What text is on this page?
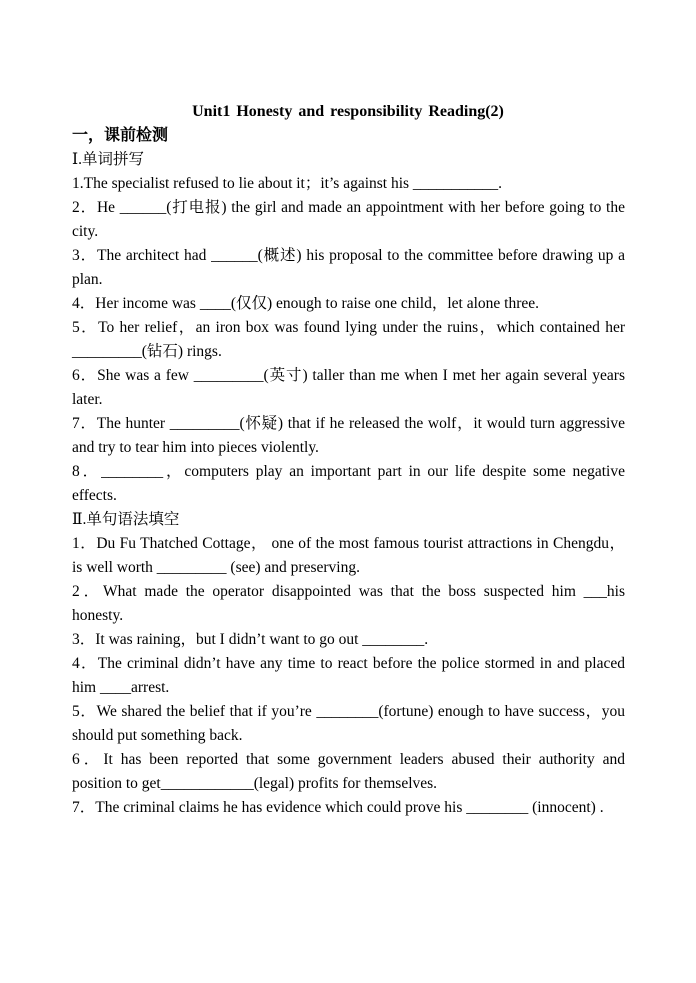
Unit1 Honesty and responsibility Reading(2)
一，课前检测
Ⅰ.单词拼写
1.The specialist refused to lie about it；it’s against his ___________.
2．He ______(打电报) the girl and made an appointment with her before going to the city.
3．The architect had ______(概述) his proposal to the committee before drawing up a plan.
4．Her income was ____(仅仅) enough to raise one child，let alone three.
5．To her relief，an iron box was found lying under the ruins，which contained her _________(钻石) rings.
6．She was a few _________(英寸) taller than me when I met her again several years later.
7．The hunter _________(怀疑) that if he released the wolf，it would turn aggressive and try to tear him into pieces violently.
8．________，computers play an important part in our life despite some negative effects.
Ⅱ.单句语法填空
1．Du Fu Thatched Cottage， one of the most famous tourist attractions in Chengdu，is well worth _________ (see) and preserving.
2．What made the operator disappointed was that the boss suspected him ___his honesty.
3．It was raining，but I didn’t want to go out ________.
4．The criminal didn’t have any time to react before the police stormed in and placed him ____arrest.
5．We shared the belief that if you’re ________(fortune) enough to have success，you should put something back.
6．It has been reported that some government leaders abused their authority and position to get____________(legal) profits for themselves.
7．The criminal claims he has evidence which could prove his ________ (innocent) .
